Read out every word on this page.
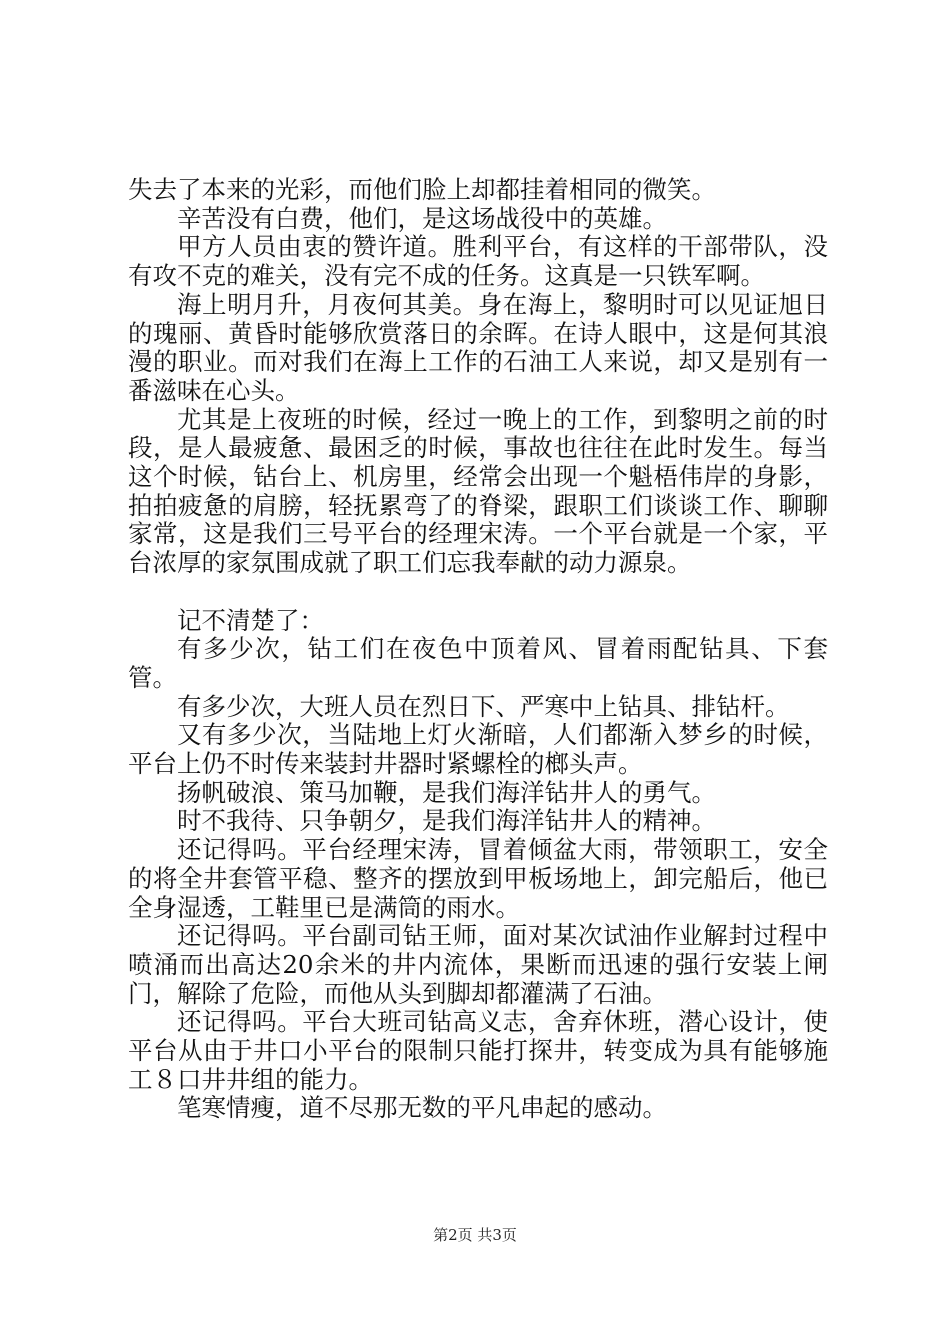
失去了本来的光彩，而他们脸上却都挂着相同的微笑。

辛苦没有白费，他们，是这场战役中的英雄。

甲方人员由衷的赞许道。胜利平台，有这样的干部带队，没有攻不克的难关，没有完不成的任务。这真是一只铁军啊。

海上明月升，月夜何其美。身在海上，黎明时可以见证旭日的瑰丽、黄昏时能够欣赏落日的余晖。在诗人眼中，这是何其浪漫的职业。而对我们在海上工作的石油工人来说，却又是别有一番滋味在心头。

尤其是上夜班的时候，经过一晚上的工作，到黎明之前的时段，是人最疲惫、最困乏的时候，事故也往往在此时发生。每当这个时候，钻台上、机房里，经常会出现一个魁梧伟岸的身影，拍拍疲惫的肩膀，轻抚累弯了的脊梁，跟职工们谈谈工作、聊聊家常，这是我们三号平台的经理宋涛。一个平台就是一个家，平台浓厚的家氛围成就了职工们忘我奉献的动力源泉。

记不清楚了：

有多少次，钻工们在夜色中顶着风、冒着雨配钻具、下套管。

有多少次，大班人员在烈日下、严寒中上钻具、排钻杆。

又有多少次，当陆地上灯火渐暗，人们都渐入梦乡的时候，平台上仍不时传来装封井器时紧螺栓的榔头声。

扬帆破浪、策马加鞭，是我们海洋钻井人的勇气。

时不我待、只争朝夕，是我们海洋钻井人的精神。

还记得吗。平台经理宋涛，冒着倾盆大雨，带领职工，安全的将全井套管平稳、整齐的摆放到甲板场地上，卸完船后，他已全身湿透，工鞋里已是满筒的雨水。

还记得吗。平台副司钻王师，面对某次试油作业解封过程中喷涌而出高达20余米的井内流体，果断而迅速的强行安装上闸门，解除了危险，而他从头到脚却都灌满了石油。

还记得吗。平台大班司钻高义志，舍弃休班，潜心设计，使平台从由于井口小平台的限制只能打探井，转变成为具有能够施工８口井井组的能力。

笔寒情瘦，道不尽那无数的平凡串起的感动。

第2页 共3页
